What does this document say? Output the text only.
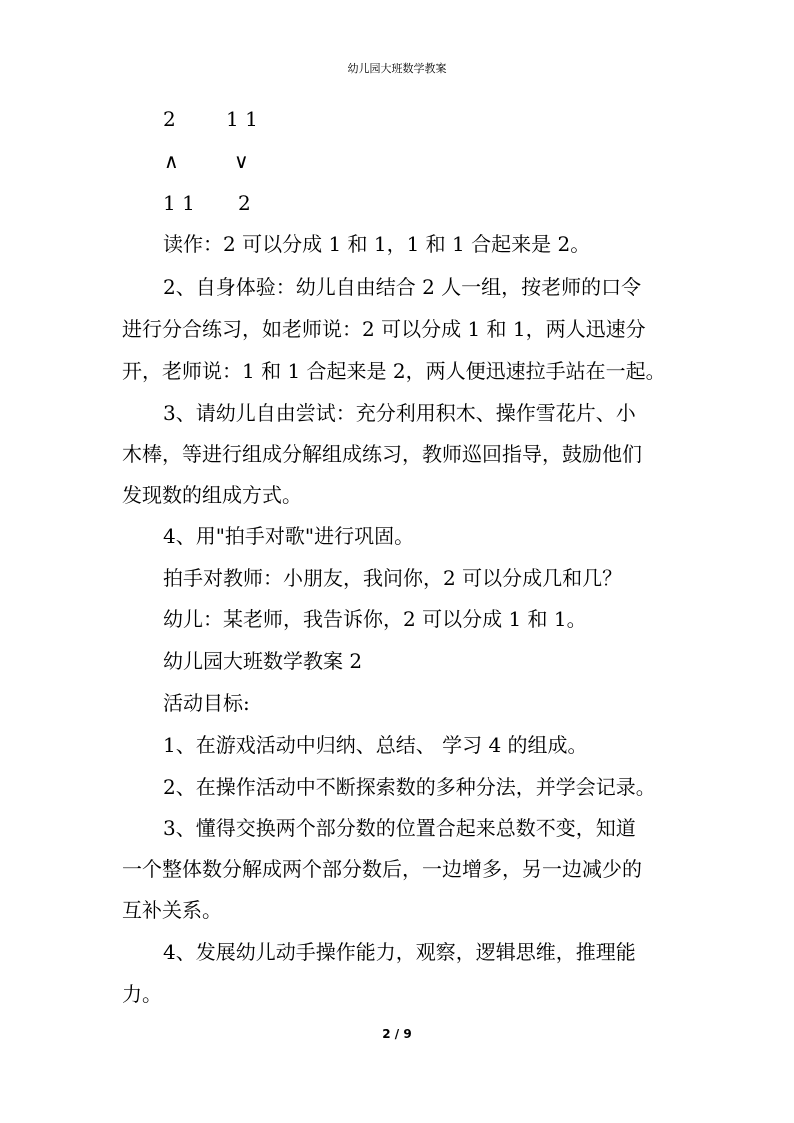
幼儿园大班数学教案
2	1 1
∧	∨
1 1 2
读作：2 可以分成 1 和 1，1 和 1 合起来是 2。
2、自身体验：幼儿自由结合 2 人一组，按老师的口令
进行分合练习，如老师说：2 可以分成 1 和 1，两人迅速分
开，老师说：1 和 1 合起来是 2，两人便迅速拉手站在一起。
3、请幼儿自由尝试：充分利用积木、操作雪花片、小
木棒，等进行组成分解组成练习，教师巡回指导，鼓励他们
发现数的组成方式。
4、用"拍手对歌"进行巩固。
拍手对教师：小朋友，我问你，2 可以分成几和几？
幼儿：某老师，我告诉你，2 可以分成 1 和 1。
幼儿园大班数学教案 2
活动目标:
1、在游戏活动中归纳、总结、 学习 4 的组成。
2、在操作活动中不断探索数的多种分法，并学会记录。
3、懂得交换两个部分数的位置合起来总数不变，知道
一个整体数分解成两个部分数后，一边增多，另一边减少的
互补关系。
4、发展幼儿动手操作能力，观察，逻辑思维，推理能
力。
2 / 9
